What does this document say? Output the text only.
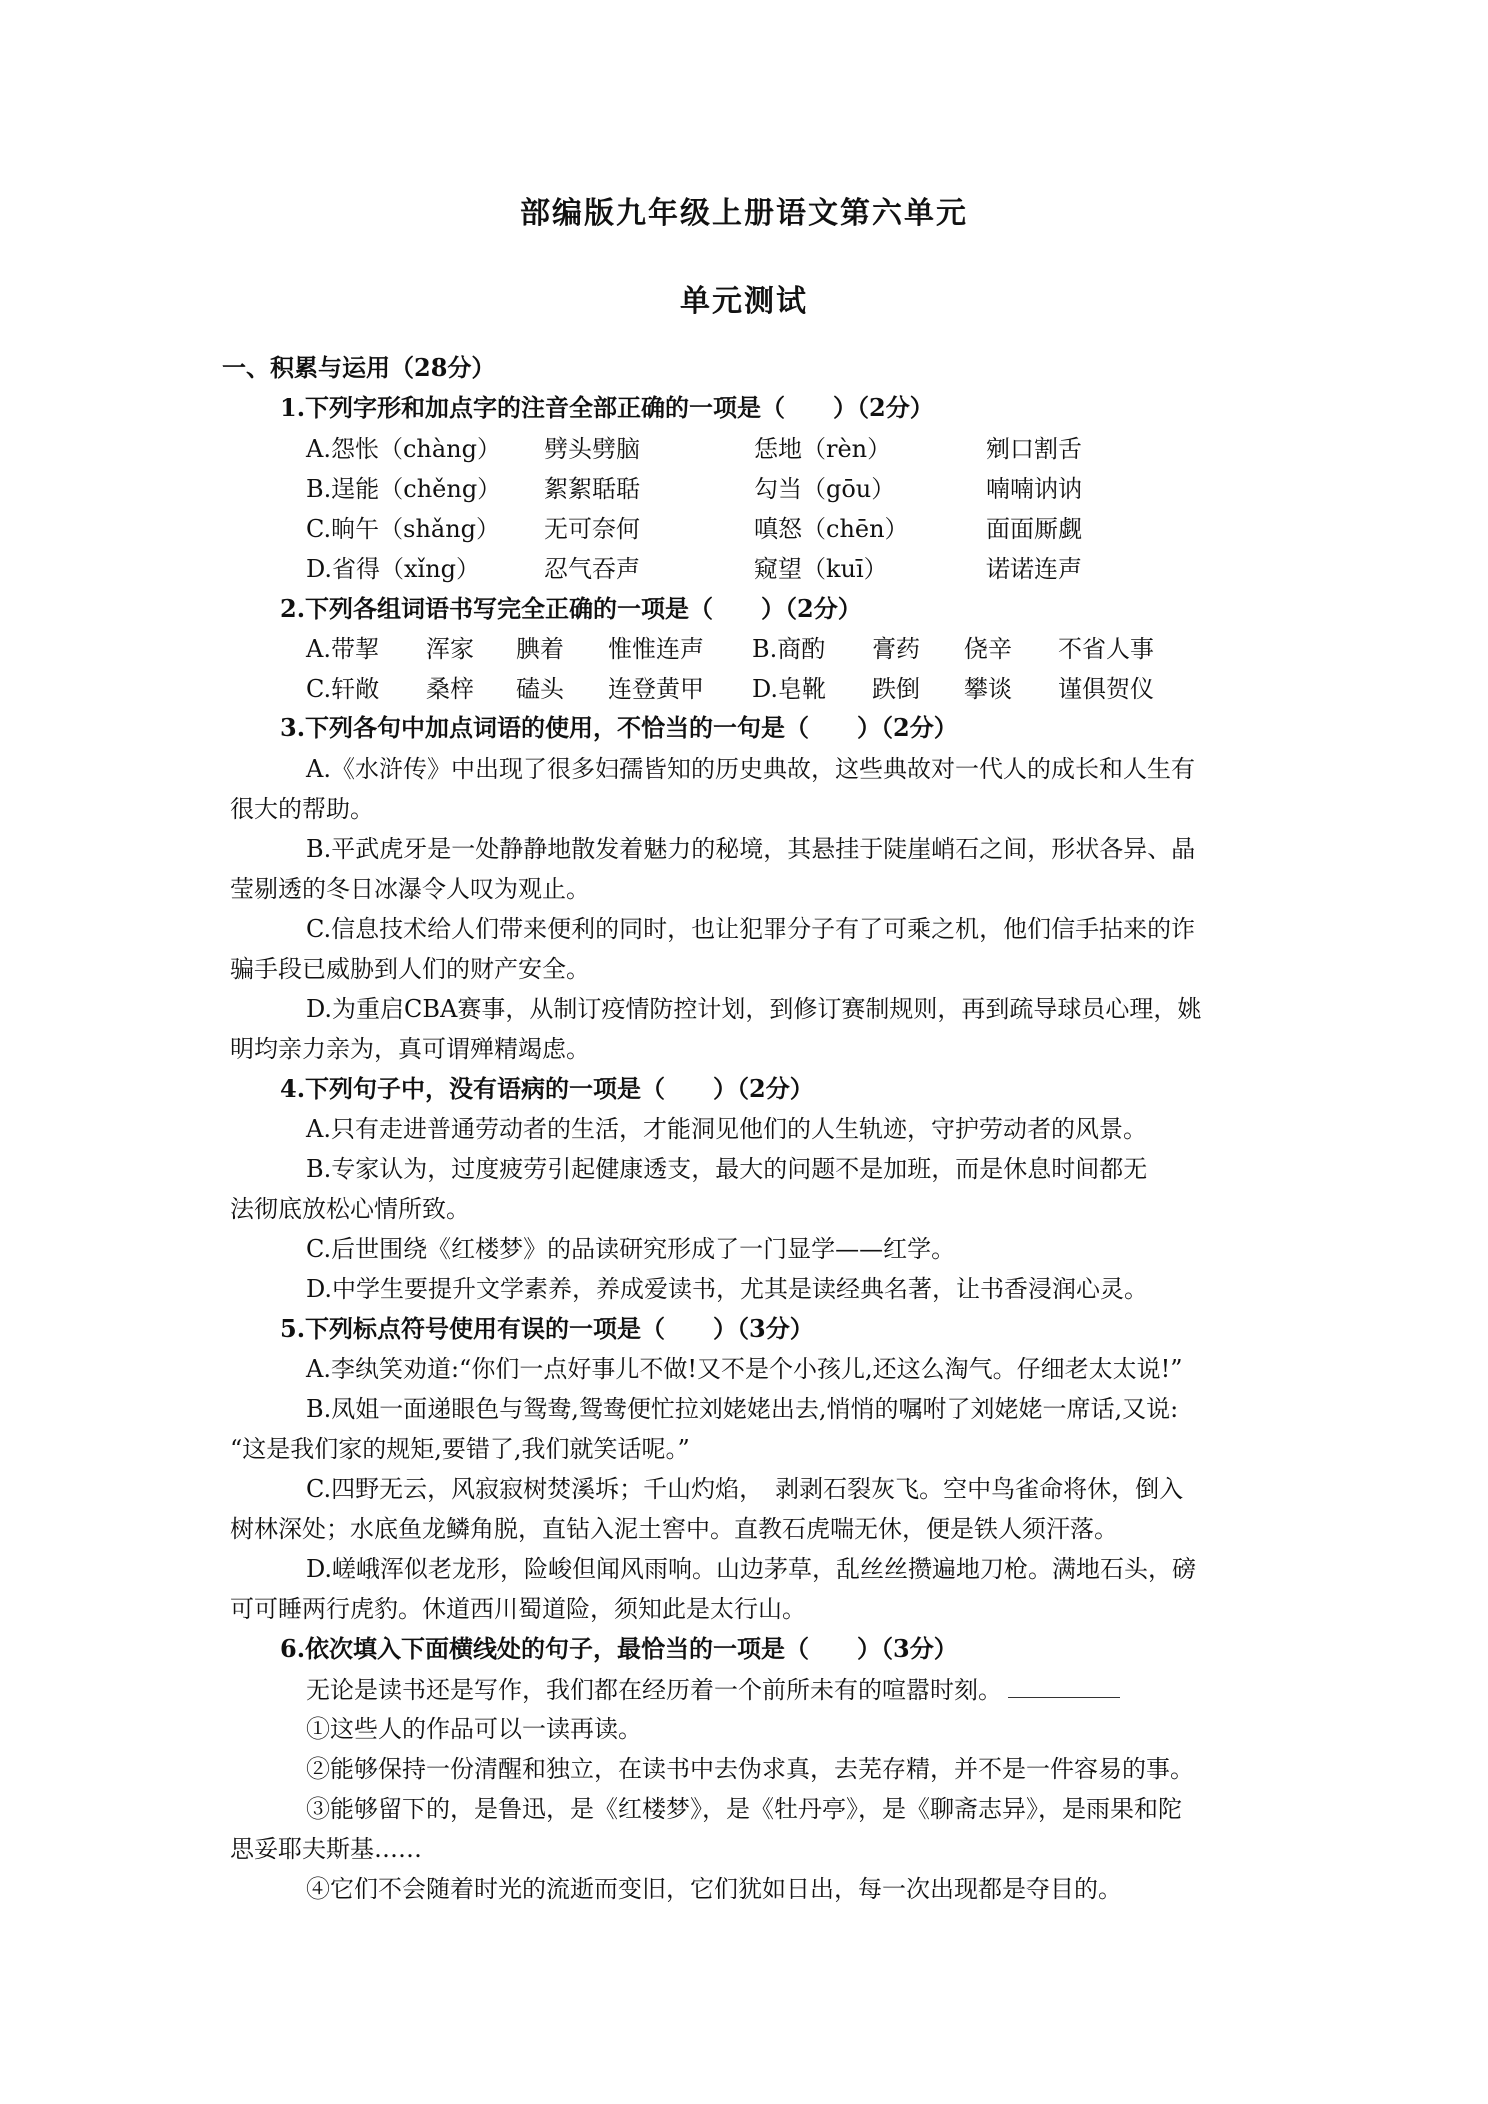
部编版九年级上册语文第六单元
单元测试
一、积累与运用（28分）
1.下列字形和加点字的注音全部正确的一项是（　　）（2分）
A.怨怅（chàng） 劈头劈脑	恁地（rèn）	剜口割舌
B.逞能（chěng） 絮絮聒聒	勾当（gōu）	喃喃讷讷
C.晌午（shǎng） 无可奈何	嗔怒（chēn）	面面厮觑
D.省得（xǐng）	忍气吞声	窥望（kuī）	诺诺连声
2.下列各组词语书写完全正确的一项是（　　）（2分）
A.带挈 浑家 腆着 惟惟连声 B.商酌 膏药 侥辛 不省人事
C.轩敞 桑梓 磕头 连登黄甲 D.皂靴 跌倒 攀谈 谨俱贺仪
3.下列各句中加点词语的使用，不恰当的一句是（　　）（2分）
A.《水浒传》中出现了很多妇孺皆知的历史典故，这些典故对一代人的成长和人生有
很大的帮助。
B.平武虎牙是一处静静地散发着魅力的秘境，其悬挂于陡崖峭石之间，形状各异、晶
莹剔透的冬日冰瀑令人叹为观止。
C.信息技术给人们带来便利的同时，也让犯罪分子有了可乘之机，他们信手拈来的诈
骗手段已威胁到人们的财产安全。
D.为重启CBA赛事，从制订疫情防控计划，到修订赛制规则，再到疏导球员心理，姚
明均亲力亲为，真可谓殚精竭虑。
4.下列句子中，没有语病的一项是（　　）（2分）
A.只有走进普通劳动者的生活，才能洞见他们的人生轨迹，守护劳动者的风景。
B.专家认为，过度疲劳引起健康透支，最大的问题不是加班，而是休息时间都无
法彻底放松心情所致。
C.后世围绕《红楼梦》的品读研究形成了一门显学——红学。
D.中学生要提升文学素养，养成爱读书，尤其是读经典名著，让书香浸润心灵。
5.下列标点符号使用有误的一项是（　　）（3分）
A.李纨笑劝道:“你们一点好事儿不做!又不是个小孩儿,还这么淘气。仔细老太太说!”
B.凤姐一面递眼色与鸳鸯,鸳鸯便忙拉刘姥姥出去,悄悄的嘱咐了刘姥姥一席话,又说:
“这是我们家的规矩,要错了,我们就笑话呢。”
C.四野无云，风寂寂树焚溪坼；千山灼焰，　剥剥石裂灰飞。空中鸟雀命将休，倒入
树林深处；水底鱼龙鳞角脱，直钻入泥土窖中。直教石虎喘无休，便是铁人须汗落。
D.嵯峨浑似老龙形，险峻但闻风雨响。山边茅草，乱丝丝攒遍地刀枪。满地石头，磅
可可睡两行虎豹。休道西川蜀道险，须知此是太行山。
6.依次填入下面横线处的句子，最恰当的一项是（　　）（3分）
无论是读书还是写作，我们都在经历着一个前所未有的喧嚣时刻。
①这些人的作品可以一读再读。
②能够保持一份清醒和独立，在读书中去伪求真，去芜存精，并不是一件容易的事。
③能够留下的，是鲁迅，是《红楼梦》，是《牡丹亭》，是《聊斋志异》，是雨果和陀
思妥耶夫斯基……
④它们不会随着时光的流逝而变旧，它们犹如日出，每一次出现都是夺目的。
